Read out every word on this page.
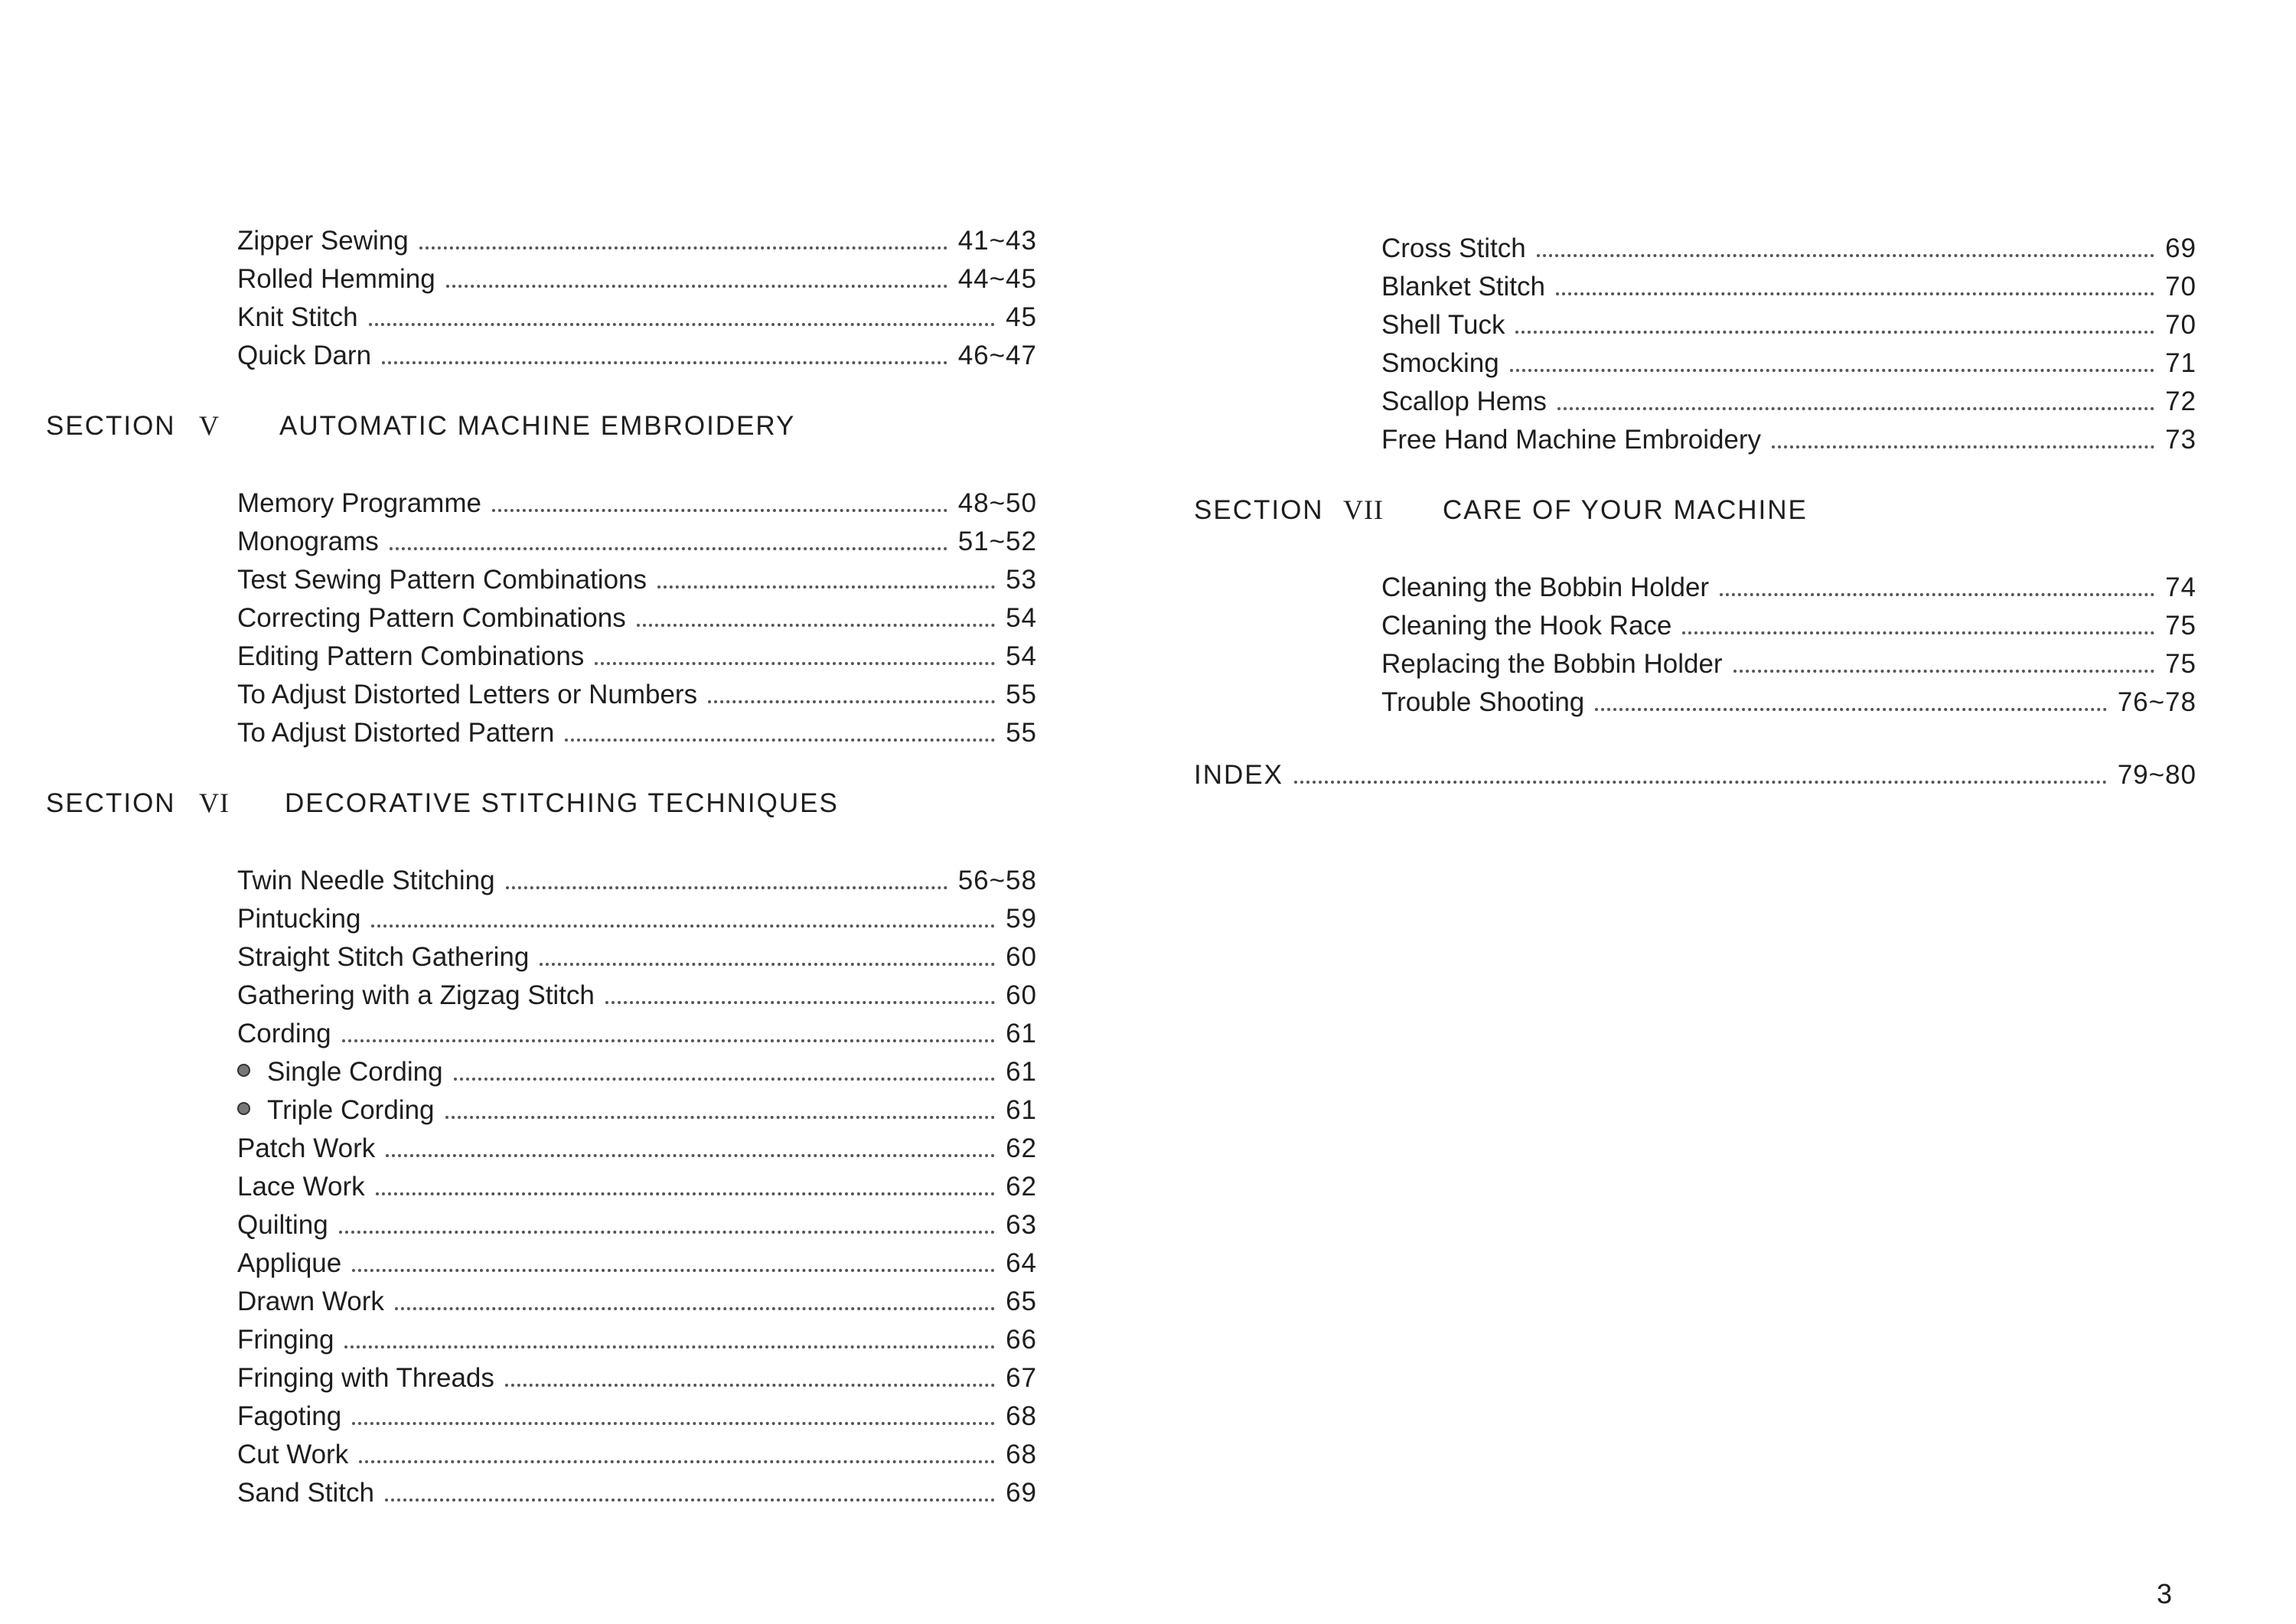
Zipper Sewing	41~43
Rolled Hemming	44~45
Knit Stitch	45
Quick Darn	46~47
SECTION V	AUTOMATIC MACHINE EMBROIDERY
Memory Programme	48~50
Monograms	51~52
Test Sewing Pattern Combinations	53
Correcting Pattern Combinations	54
Editing Pattern Combinations	54
To Adjust Distorted Letters or Numbers	55
To Adjust Distorted Pattern	55
SECTION VI	DECORATIVE STITCHING TECHNIQUES
Twin Needle Stitching	56~58
Pintucking	59
Straight Stitch Gathering	60
Gathering with a Zigzag Stitch	60
Cording	61
Single Cording	61
Triple Cording	61
Patch Work	62
Lace Work	62
Quilting	63
Applique	64
Drawn Work	65
Fringing	66
Fringing with Threads	67
Fagoting	68
Cut Work	68
Sand Stitch	69
Cross Stitch	69
Blanket Stitch	70
Shell Tuck	70
Smocking	71
Scallop Hems	72
Free Hand Machine Embroidery	73
SECTION VII	CARE OF YOUR MACHINE
Cleaning the Bobbin Holder	74
Cleaning the Hook Race	75
Replacing the Bobbin Holder	75
Trouble Shooting	76~78
INDEX	79~80
3
